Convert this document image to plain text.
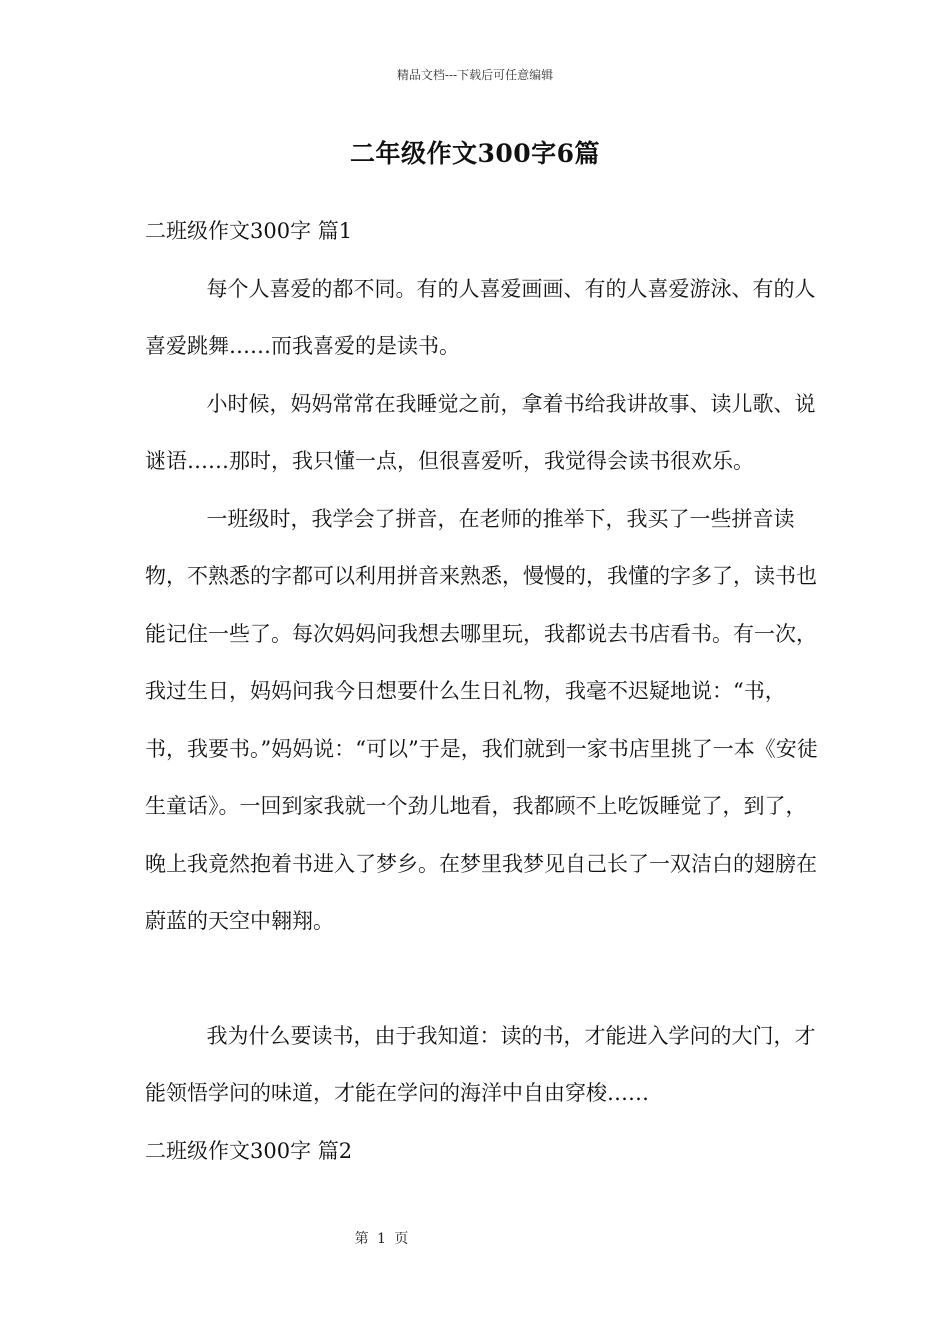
精品文档---下载后可任意编辑
二年级作文300字6篇

二班级作文300字 篇1

每个人喜爱的都不同。有的人喜爱画画、有的人喜爱游泳、有的人喜爱跳舞……而我喜爱的是读书。

小时候，妈妈常常在我睡觉之前，拿着书给我讲故事、读儿歌、说谜语……那时，我只懂一点，但很喜爱听，我觉得会读书很欢乐。

一班级时，我学会了拼音，在老师的推举下，我买了一些拼音读物，不熟悉的字都可以利用拼音来熟悉，慢慢的，我懂的字多了，读书也能记住一些了。每次妈妈问我想去哪里玩，我都说去书店看书。有一次，我过生日，妈妈问我今日想要什么生日礼物，我毫不迟疑地说：“书，书，我要书。”妈妈说：“可以”于是，我们就到一家书店里挑了一本《安徒生童话》。一回到家我就一个劲儿地看，我都顾不上吃饭睡觉了，到了，晚上我竟然抱着书进入了梦乡。在梦里我梦见自己长了一双洁白的翅膀在蔚蓝的天空中翱翔。

我为什么要读书，由于我知道：读的书，才能进入学问的大门，才能领悟学问的味道，才能在学问的海洋中自由穿梭……

二班级作文300字 篇2

第 1 页
